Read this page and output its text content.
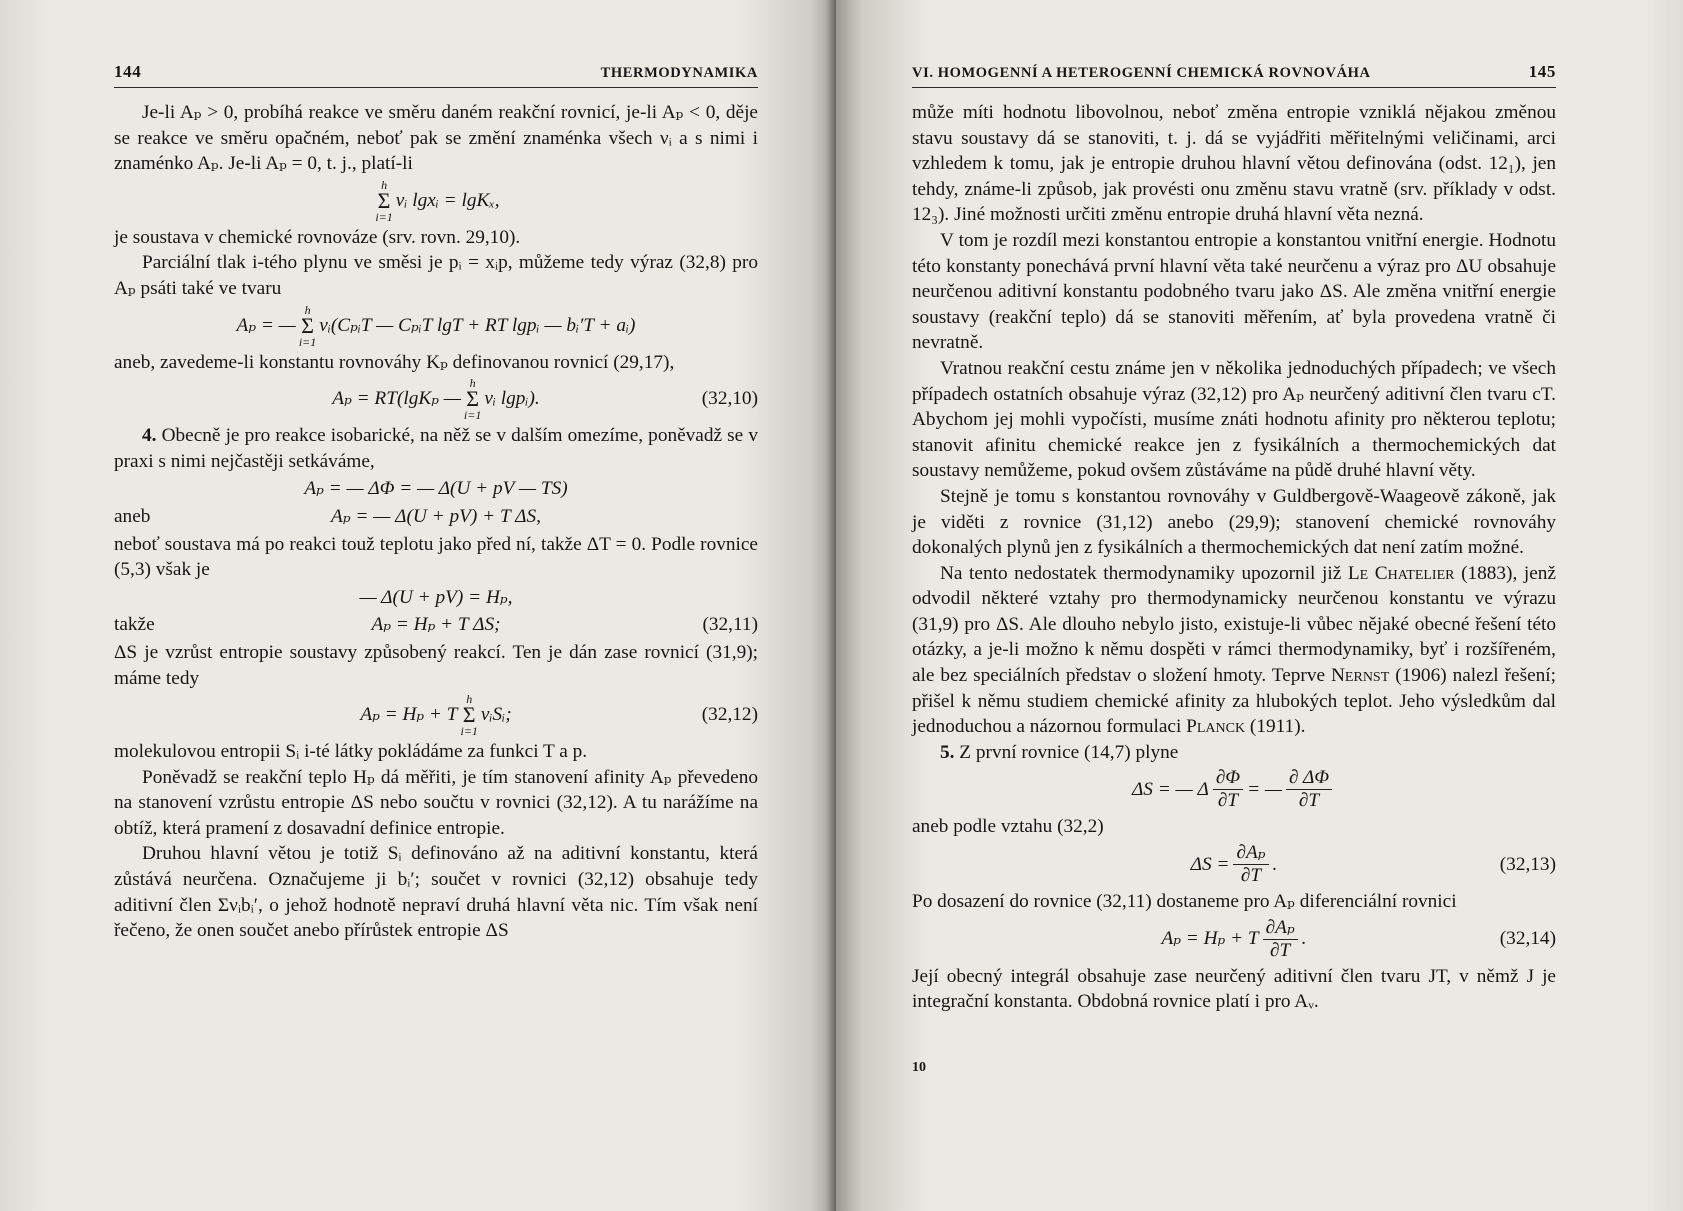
144	THERMODYNAMIKA

Je-li Aₚ > 0, probíhá reakce ve směru daném reakční rovnicí, je-li Aₚ < 0, děje se reakce ve směru opačném, neboť pak se změní znaménka všech νᵢ a s nimi i znaménko Aₚ. Je-li Aₚ = 0, t. j., platí-li

h
Σ
i=1
νᵢ lgxᵢ = lgKₓ,

je soustava v chemické rovnováze (srv. rovn. 29,10).

Parciální tlak i-tého plynu ve směsi je pᵢ = xᵢp, můžeme tedy výraz (32,8) pro Aₚ psáti také ve tvaru

Aₚ = —
h
Σ
i=1
νᵢ(CₚᵢT — CₚᵢT lgT + RT lgpᵢ — bᵢ′T + aᵢ)

aneb, zavedeme-li konstantu rovnováhy Kₚ definovanou rovnicí (29,17),

Aₚ = RT(lgKₚ —
h
Σ
i=1
νᵢ lgpᵢ).	(32,10)

4. Obecně je pro reakce isobarické, na něž se v dalším omezíme, poněvadž se v praxi s nimi nejčastěji setkáváme,

Aₚ = — ΔΦ = — Δ(U + pV — TS)
aneb	Aₚ = — Δ(U + pV) + T ΔS,

neboť soustava má po reakci touž teplotu jako před ní, takže ΔT = 0. Podle rovnice (5,3) však je

— Δ(U + pV) = Hₚ,
takže	Aₚ = Hₚ + T ΔS;	(32,11)

ΔS je vzrůst entropie soustavy způsobený reakcí. Ten je dán zase rovnicí (31,9); máme tedy

Aₚ = Hₚ + T
h
Σ
i=1
νᵢSᵢ;	(32,12)

molekulovou entropii Sᵢ i-té látky pokládáme za funkci T a p.

Poněvadž se reakční teplo Hₚ dá měřiti, je tím stanovení afinity Aₚ převedeno na stanovení vzrůstu entropie ΔS nebo součtu v rovnici (32,12). A tu narážíme na obtíž, která pramení z dosavadní definice entropie.

Druhou hlavní větou je totiž Sᵢ definováno až na aditivní konstantu, která zůstává neurčena. Označujeme ji bᵢ′; součet v rovnici (32,12) obsahuje tedy aditivní člen Σνᵢbᵢ′, o jehož hodnotě nepraví druhá hlavní věta nic. Tím však není řečeno, že onen součet anebo přírůstek entropie ΔS

VI. HOMOGENNÍ A HETEROGENNÍ CHEMICKÁ ROVNOVÁHA	145

může míti hodnotu libovolnou, neboť změna entropie vzniklá nějakou změnou stavu soustavy dá se stanoviti, t. j. dá se vyjádřiti měřitelnými veličinami, arci vzhledem k tomu, jak je entropie druhou hlavní větou definována (odst. 12₁), jen tehdy, známe-li způsob, jak provésti onu změnu stavu vratně (srv. příklady v odst. 12₃). Jiné možnosti určiti změnu entropie druhá hlavní věta nezná.

V tom je rozdíl mezi konstantou entropie a konstantou vnitřní energie. Hodnotu této konstanty ponechává první hlavní věta také neurčenu a výraz pro ΔU obsahuje neurčenou aditivní konstantu podobného tvaru jako ΔS. Ale změna vnitřní energie soustavy (reakční teplo) dá se stanoviti měřením, ať byla provedena vratně či nevratně.

Vratnou reakční cestu známe jen v několika jednoduchých případech; ve všech případech ostatních obsahuje výraz (32,12) pro Aₚ neurčený aditivní člen tvaru cT. Abychom jej mohli vypočísti, musíme znáti hodnotu afinity pro některou teplotu; stanovit afinitu chemické reakce jen z fysikálních a thermochemických dat soustavy nemůžeme, pokud ovšem zůstáváme na půdě druhé hlavní věty.

Stejně je tomu s konstantou rovnováhy v Guldbergově-Waageově zákoně, jak je viděti z rovnice (31,12) anebo (29,9); stanovení chemické rovnováhy dokonalých plynů jen z fysikálních a thermochemických dat není zatím možné.

Na tento nedostatek thermodynamiky upozornil již Le Chatelier (1883), jenž odvodil některé vztahy pro thermodynamicky neurčenou konstantu ve výrazu (31,9) pro ΔS. Ale dlouho nebylo jisto, existuje-li vůbec nějaké obecné řešení této otázky, a je-li možno k němu dospěti v rámci thermodynamiky, byť i rozšířeném, ale bez speciálních představ o složení hmoty. Teprve Nernst (1906) nalezl řešení; přišel k němu studiem chemické afinity za hlubokých teplot. Jeho výsledkům dal jednoduchou a názornou formulaci Planck (1911).

5. Z první rovnice (14,7) plyne

ΔS = — Δ $\frac{\partial\Phi}{\partial T}$ = — $\frac{\partial \Delta\Phi}{\partial T}$

aneb podle vztahu (32,2)

$\Delta S = \frac{\text{∂Aₚ}}{\partial T}$ .	(32,13)

Po dosazení do rovnice (32,11) dostaneme pro Aₚ diferenciální rovnici

Aₚ = Hₚ + T $\frac{\text{∂Aₚ}}{\partial T}$ .	(32,14)

Její obecný integrál obsahuje zase neurčený aditivní člen tvaru JT, v němž J je integrační konstanta. Obdobná rovnice platí i pro Aᵥ.

10
